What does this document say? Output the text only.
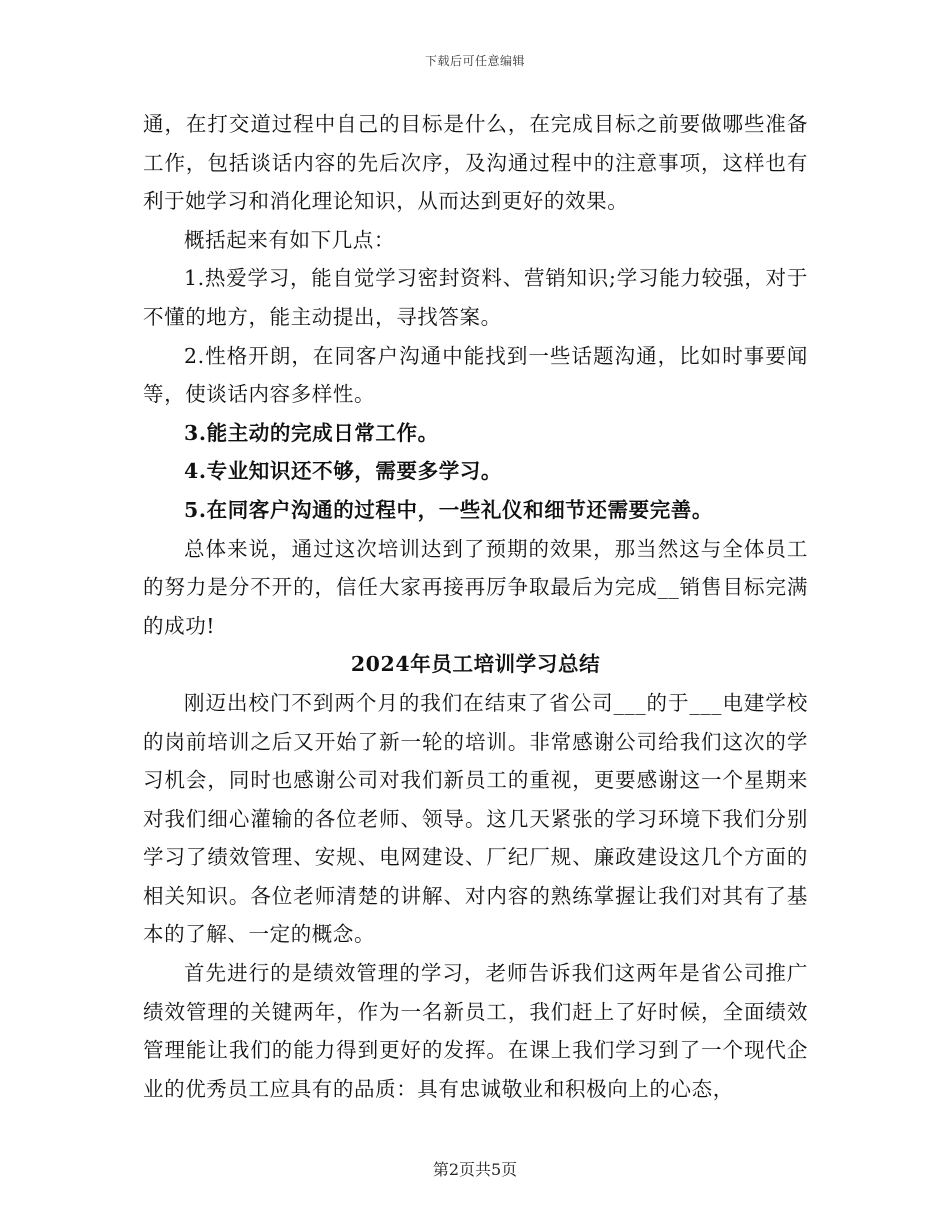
下载后可任意编辑

通，在打交道过程中自己的目标是什么，在完成目标之前要做哪些准备工作，包括谈话内容的先后次序，及沟通过程中的注意事项，这样也有利于她学习和消化理论知识，从而达到更好的效果。

概括起来有如下几点：

1.热爱学习，能自觉学习密封资料、营销知识;学习能力较强，对于不懂的地方，能主动提出，寻找答案。

2.性格开朗，在同客户沟通中能找到一些话题沟通，比如时事要闻等，使谈话内容多样性。

3.能主动的完成日常工作。

4.专业知识还不够，需要多学习。

5.在同客户沟通的过程中，一些礼仪和细节还需要完善。

总体来说，通过这次培训达到了预期的效果，那当然这与全体员工的努力是分不开的，信任大家再接再厉争取最后为完成__销售目标完满的成功!

2024年员工培训学习总结

刚迈出校门不到两个月的我们在结束了省公司___的于___电建学校的岗前培训之后又开始了新一轮的培训。非常感谢公司给我们这次的学习机会，同时也感谢公司对我们新员工的重视，更要感谢这一个星期来对我们细心灌输的各位老师、领导。这几天紧张的学习环境下我们分别学习了绩效管理、安规、电网建设、厂纪厂规、廉政建设这几个方面的相关知识。各位老师清楚的讲解、对内容的熟练掌握让我们对其有了基本的了解、一定的概念。

首先进行的是绩效管理的学习，老师告诉我们这两年是省公司推广绩效管理的关键两年，作为一名新员工，我们赶上了好时候，全面绩效管理能让我们的能力得到更好的发挥。在课上我们学习到了一个现代企业的优秀员工应具有的品质：具有忠诚敬业和积极向上的心态，

第2页共5页
